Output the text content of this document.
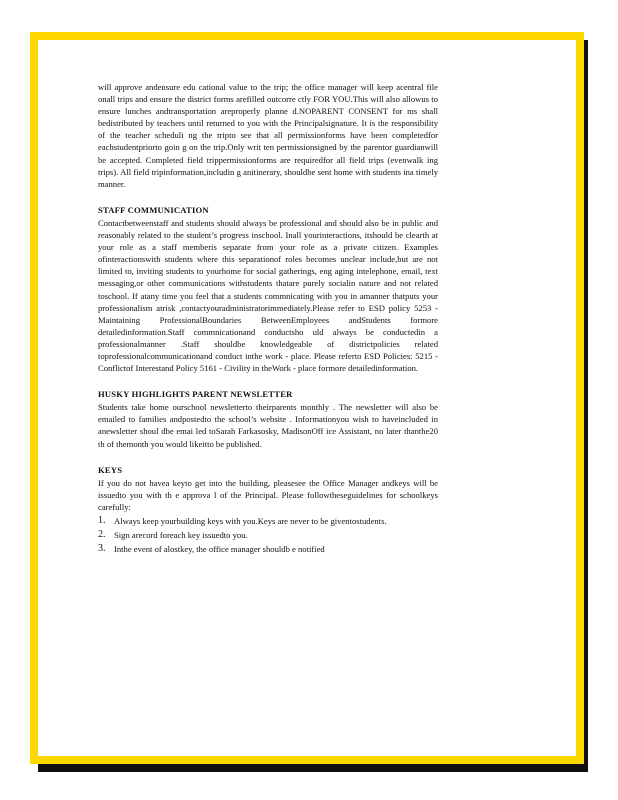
will approve andensure edu cational value to the trip; the office manager will keep acentral file onall trips and ensure the district forms arefilled outcorre ctly FOR YOU.This will also allowus to ensure lunches andtransportation areproperly planne d.NOPARENT CONSENT for ms shall bedistributed by teachers until returned to you with the Principalsignature. It is the responsibility of the teacher scheduli ng the tripto see that all permissionforms have been completedfor eachstudentpriorto goin g on the trip.Only writ ten permissionsigned by the parentor guardianwill be accepted. Completed field trippermissionforms are requiredfor all field trips (evenwalk ing trips). All field tripinformation,includin g anitinerary, shouldbe sent home with students ina timely manner.

STAFF COMMUNICATION

Contactbetweenstaff and students should always be professional and should also be in public and reasonably related to the student’s progress inschool. Inall yourinteractions, itshould be clearth at your role as a staff memberis separate from your role as a private citizen. Examples ofinteractionswith students where this separationof roles becomes unclear include,but are not limited to, inviting students to yourhome for social gatherings, eng aging intelephone, email, text messaging,or other communications withstudents thatare purely socialin nature and not related toschool. If atany time you feel that a students commnicating with you in amanner thatputs your professionalism atrisk ,contactyouradministratorimmediately.Please refer to ESD policy 5253 - Maintaining ProfessionalBoundaries BetweenEmployees andStudents formore detailedinformation.Staff commnicationand conductsho uld always be conductedin a professionalmanner .Staff shouldbe knowledgeable of districtpolicies related toprofessionalcommunicationand conduct inthe work - place. Please referto ESD Policies: 5215 - Conflictof Interestand Policy 5161 - Civility in theWork - place formore detailedinformation.

HUSKY HIGHLIGHTS PARENT NEWSLETTER

Students take home ourschool newsletterto theirparents monthly . The newsletter will also be emailed to families andpostedto the school’s website . Informationyou wish to haveincluded in anewsletter shoul dbe emai led toSarah Farkasosky, MadisonOff ice Assistant, no later thanthe20 th of themonth you would likeitto be published.

KEYS

If you do not havea keyto get into the building, pleasesee the Office Manager andkeys will be issuedto you with th e approva l of the Principal. Please followtheseguidelines for schoolkeys carefully:

1. Always keep yourbuilding keys with you.Keys are never to be giventostudents.
2. Sign arecord foreach key issuedto you.
3. Inthe event of alostkey, the office manager shouldb e notified
